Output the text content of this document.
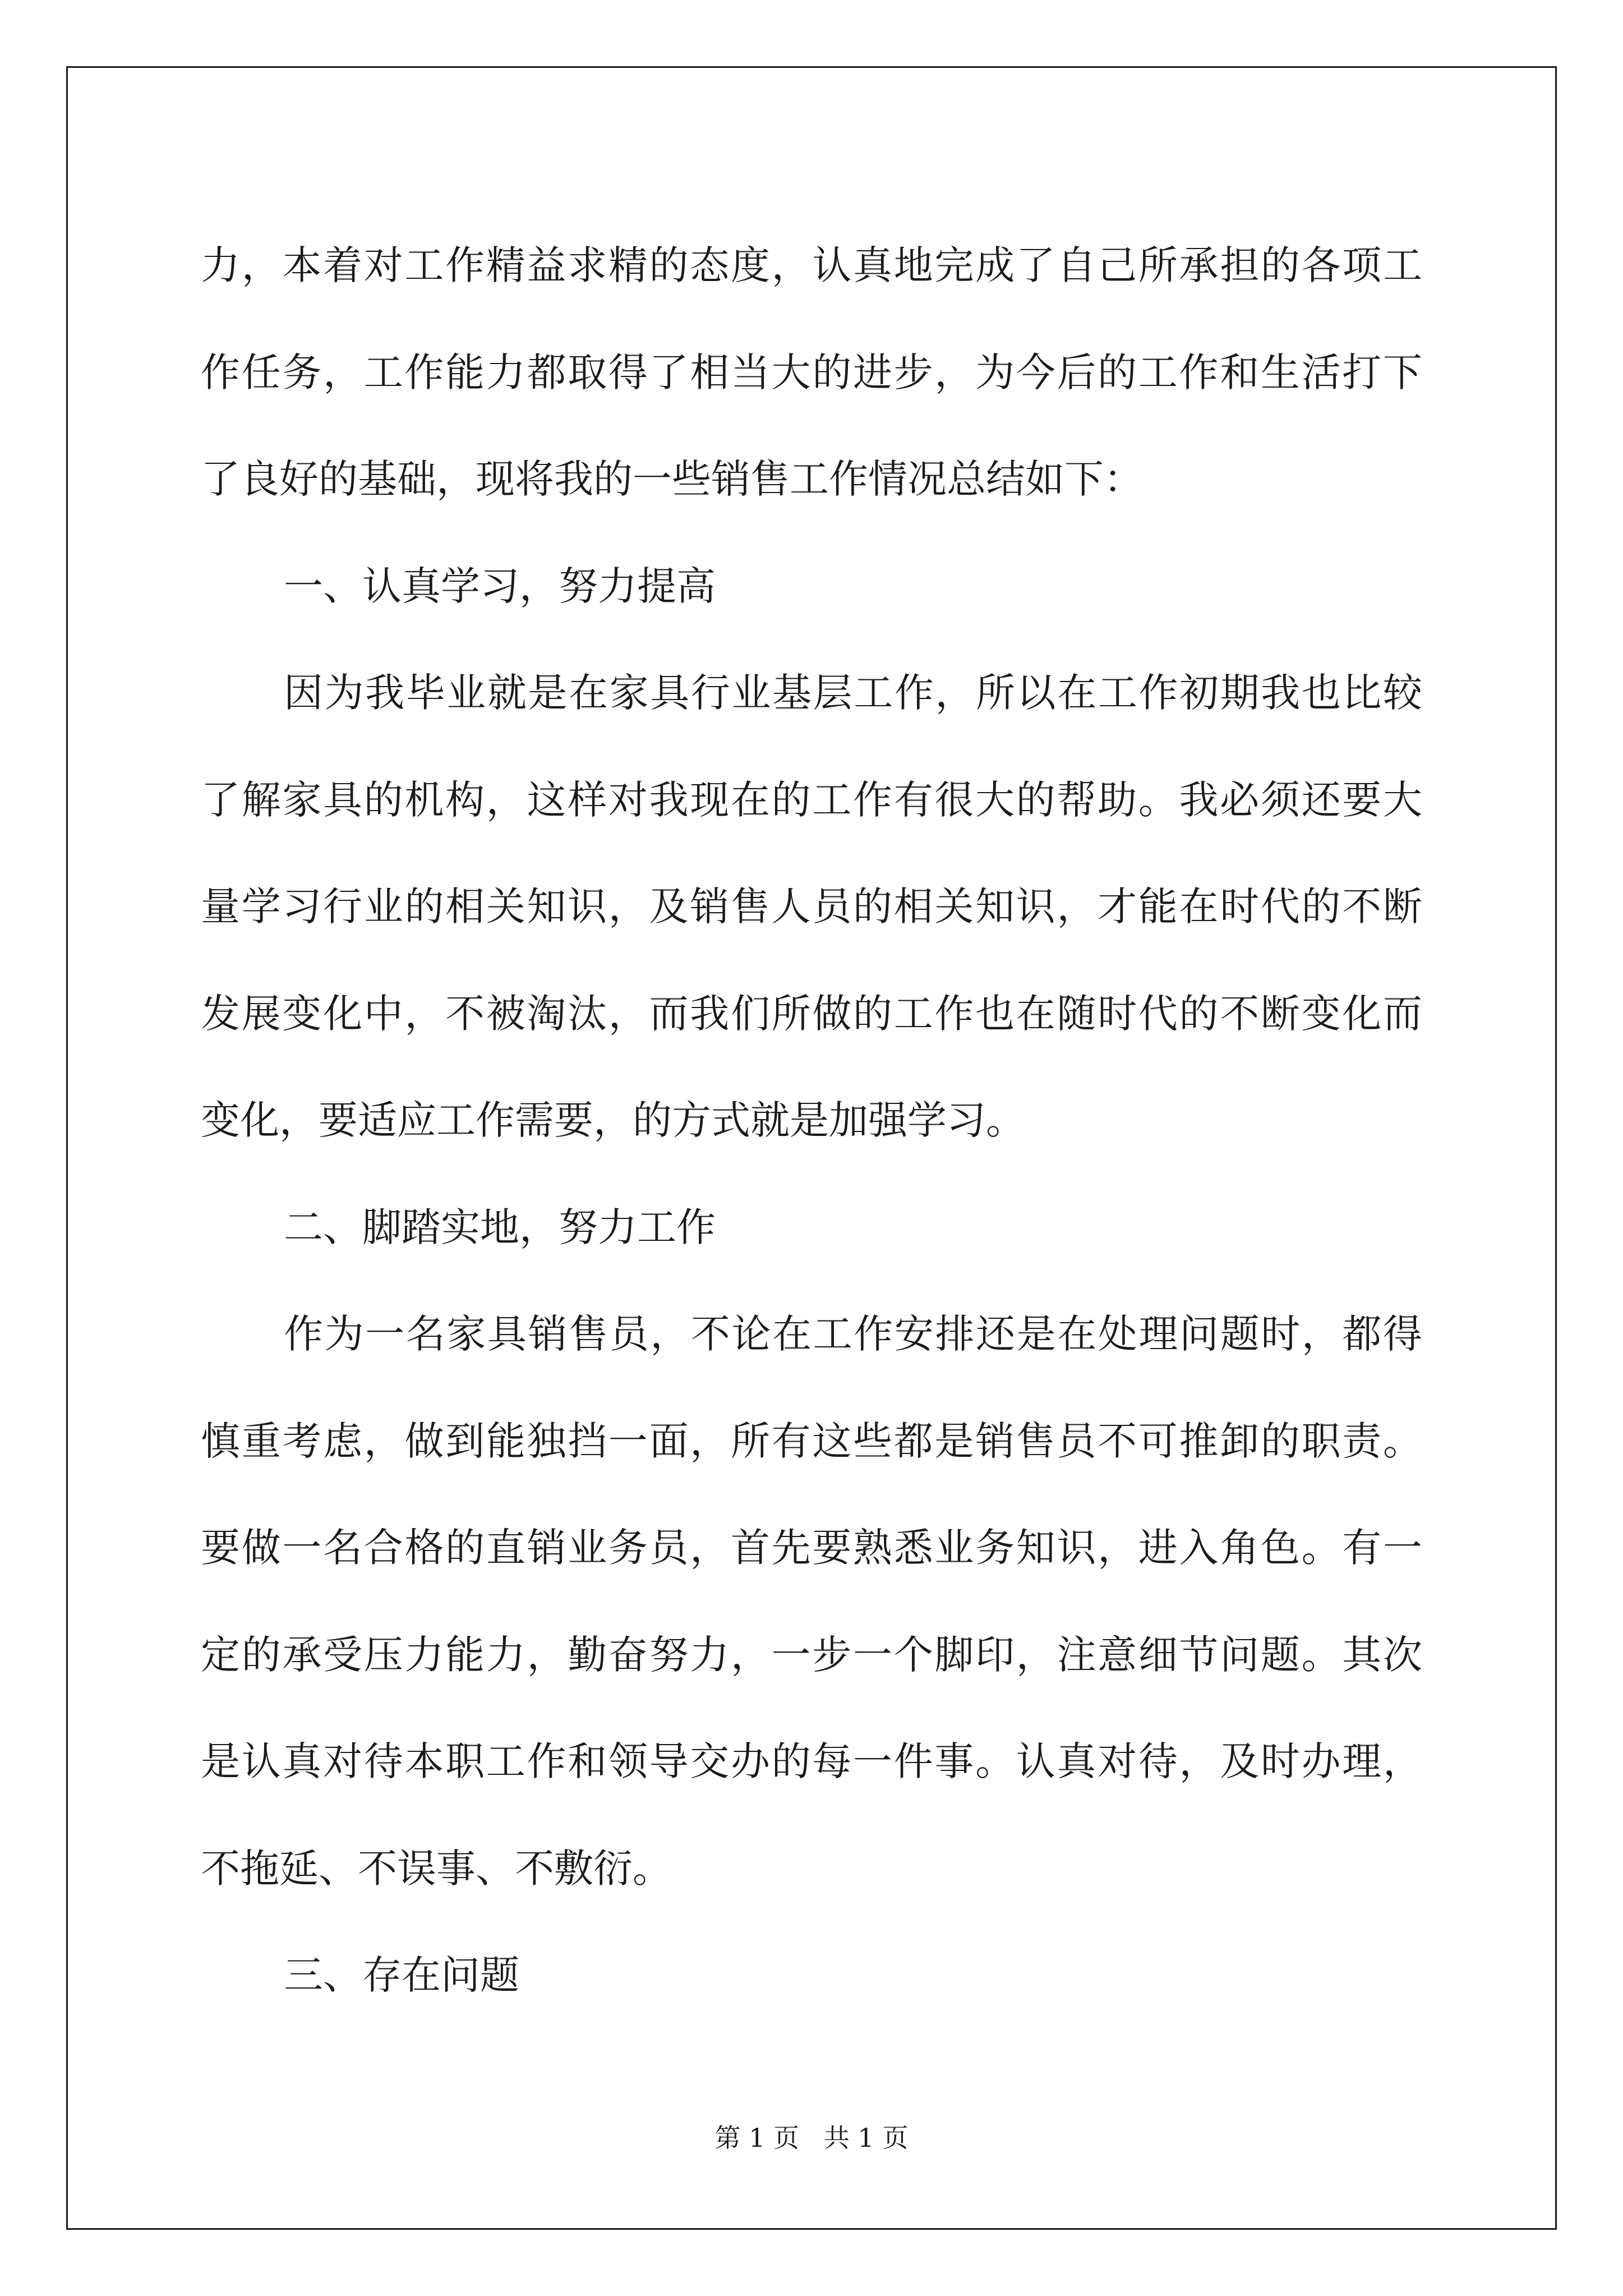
力，本着对工作精益求精的态度，认真地完成了自己所承担的各项工
作任务，工作能力都取得了相当大的进步，为今后的工作和生活打下
了良好的基础，现将我的一些销售工作情况总结如下：
一、认真学习，努力提高
因为我毕业就是在家具行业基层工作，所以在工作初期我也比较
了解家具的机构，这样对我现在的工作有很大的帮助。我必须还要大
量学习行业的相关知识，及销售人员的相关知识，才能在时代的不断
发展变化中，不被淘汰，而我们所做的工作也在随时代的不断变化而
变化，要适应工作需要，的方式就是加强学习。
二、脚踏实地，努力工作
作为一名家具销售员，不论在工作安排还是在处理问题时，都得
慎重考虑，做到能独挡一面，所有这些都是销售员不可推卸的职责。
要做一名合格的直销业务员，首先要熟悉业务知识，进入角色。有一
定的承受压力能力，勤奋努力，一步一个脚印，注意细节问题。其次
是认真对待本职工作和领导交办的每一件事。认真对待，及时办理，
不拖延、不误事、不敷衍。
三、存在问题
第 1 页   共 1 页
